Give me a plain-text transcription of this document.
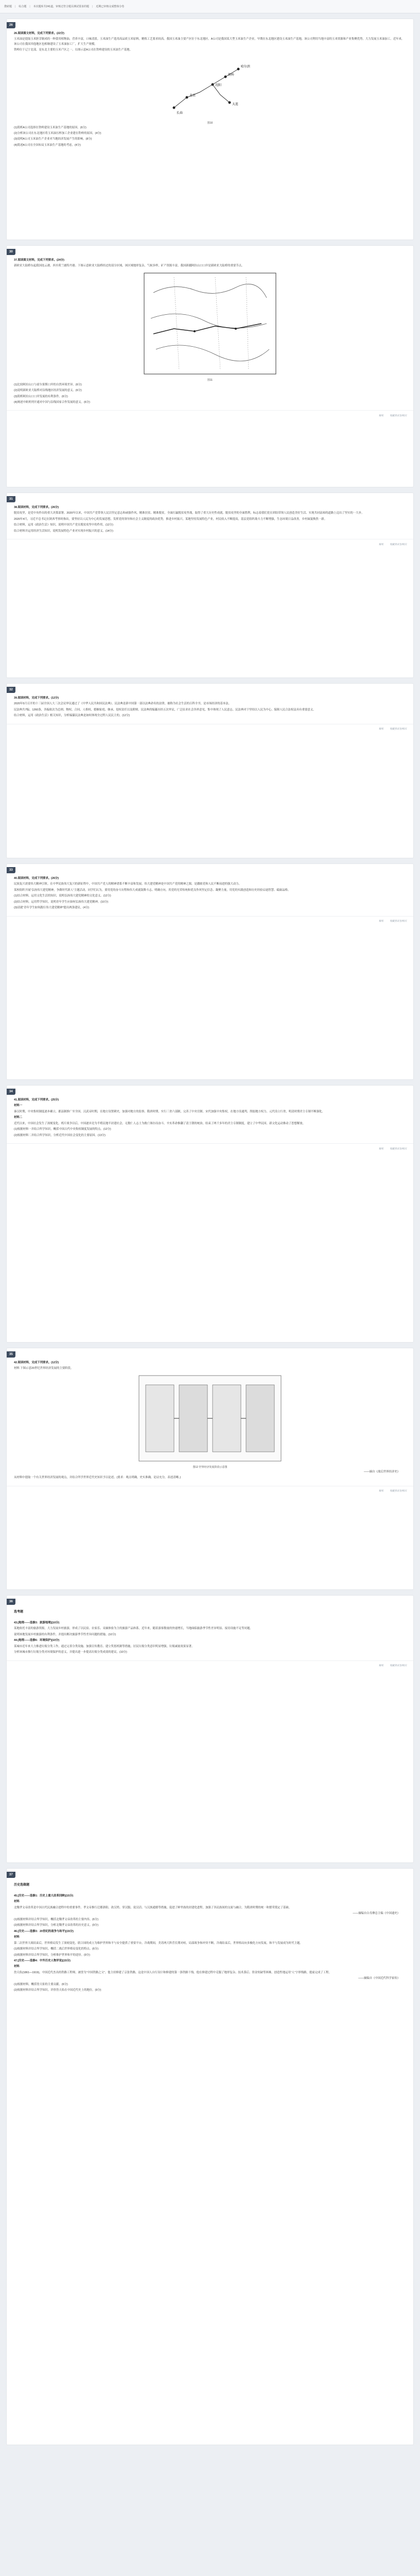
搜索题 | 综合题 | 本次题库共241道，审核过符合题目测试要求的题 | 近期已审核完成整体分卷
26

26.阅读图文材料，完成下列要求。(22分)

玉米油是提取玉米胚芽制成的一种食用植物油，营养丰富，口味清淡。玉米油生产选用高品质玉米原料，精炼工艺要求较高。我国玉米油主要产区位于东北地区。A公司是我国某大型玉米油生产企业，早期在东北地区建设玉米油生产基地，该公司利用当地丰富的玉米资源和产业集聚优势，大力发展玉米油加工。近年来，该公司在我国其他地区也相继建设了玉米油加工厂，扩大生产规模。

铁岭位于辽宁北部，是东北主要的玉米产区之一。右图示意A公司在铁岭建设的玉米油生产基地。

北京
沈阳
铁岭
哈尔滨
大连
长春
图10

(1)简析A公司选择在铁岭建设玉米油生产基地的原因。(6分)

(2)分析该公司在东北地区将玉米油压榨加工企业建在铁岭的原因。(4分)

(3)说明A公司玉米油生产企业对当地经济发展产生的影响。(8分)

(4)简述A公司在全国布局玉米油生产基地的考虑。(4分)

30

37.阅读图文材料，完成下列要求。(24分)

新欧亚大陆桥东起我国连云港，西至荷兰鹿特丹港。下图示意欧亚大陆桥经过的部分区域。该区域地形复杂，气候多样，矿产资源丰富。我国新疆阿拉山口口岸是新欧亚大陆桥的重要节点。

图11

(1)比较阿拉山口与霍尔果斯口岸的自然环境差异。(6分)

(2)说明新欧亚大陆桥对沿线地区经济发展的意义。(6分)

(3)简析阿拉山口口岸发展的有利条件。(6分)

(4)阐述中欧班列开通对中国与沿线国家合作发展的意义。(6分)

解析	收藏到试卷/相应
31

38.阅读材料，完成下列要求。(26分)

脱贫攻坚，是党中央作出的重大决策部署。2020年以来，中国共产党带领人民以坚定意志和顽强作风，精准扶贫、精准脱贫，全面打赢脱贫攻坚战，取得了重大历史性成就。脱贫攻坚的全面胜利，标志着我们党在团结带领人民创造美好生活、实现共同富裕的道路上迈出了坚实的一大步。

2020年4月，习近平总书记在陕西考察时指出，要坚持以人民为中心的发展思想，发挥党的领导和社会主义制度的政治优势，推进乡村振兴。某地坚持发展特色产业，村民收入不断提高，基层党组织战斗力不断增强，生态环境日益改善，乡村面貌焕然一新。

结合材料，运用《政治生活》知识，说明中国共产党在脱贫攻坚中的作用。(12分)

结合材料并运用经济生活知识，说明发展特色产业对实现乡村振兴的意义。(14分)

解析	收藏到试卷/相应
32

39.阅读材料，完成下列要求。(12分)

2020年5月召开的十三届全国人大三次会议审议通过了《中华人民共和国民法典》。民法典是新中国第一部以法典命名的法律，被称为社会生活的百科全书，是市场经济的基本法。

民法典共7编、1260条，各编依次为总则、物权、合同、人格权、婚姻家庭、继承、侵权责任以及附则。民法典的编纂历经五次审议，广泛征求社会各界意见，集中体现了人民意志。民法典对于坚持以人民为中心、保障人民合法权益具有重要意义。

结合材料，运用《政治生活》相关知识，分析编纂民法典是如何体现全过程人民民主的。(12分)

解析	收藏到试卷/相应
33

40.阅读材料，完成下列要求。(26分)

民族复兴需要伟大精神引领。在中华民族伟大复兴的新征程中，中国共产党人的精神谱系不断丰富和发展。伟大建党精神是中国共产党的精神之源，是激励党和人民不断前进的强大动力。

某校组织开展“弘扬伟大建党精神，争做时代新人”主题活动。同学们认为，要用党的奋斗历程和伟大成就鼓舞斗志、明确方向，用党的光荣传统和优良作风坚定信念、凝聚力量，用党的实践创造和历史经验启迪智慧、砥砺品格。

(1)结合材料，运用文化生活的知识，说明弘扬伟大建党精神的文化意义。(12分)

(2)结合材料，运用哲学知识，说明青年学生应如何弘扬伟大建党精神。(10分)

(3)请就“青年学生如何践行伟大建党精神”提出两条建议。(4分)

解析	收藏到试卷/相应
34

41.阅读材料，完成下列要求。(25分)

材料一

秦汉时期，中央集权制度逐步确立，郡县制推广至全国。汉武帝时期，在地方设置刺史，加强对地方的监察。隋唐时期，实行三省六部制，完善了中央官制。宋代加强中央集权，在地方设通判，削弱地方权力。元代设立行省，明清时期君主专制不断强化。

材料二

近代以来，中国社会发生了深刻变化。鸦片战争以后，中国逐步沦为半殖民地半封建社会。无数仁人志士为救亡图存而奋斗。辛亥革命推翻了清王朝的统治，结束了两千多年的君主专制制度，建立了中华民国。新文化运动推动了思想解放。

(1)根据材料一并结合所学知识，概括中国古代中央集权制度发展的特点。(12分)

(2)根据材料二并结合所学知识，分析近代中国社会变化的主要原因。(13分)

解析	收藏到试卷/相应
35

42.阅读材料，完成下列要求。(12分)

材料 下图示意20世纪世界经济发展的主要阶段。

图12 世界经济发展阶段示意图

——摘自《战后世界经济史》

从材料中提取一个有关世界经济发展的观点，并结合所学世界近代史知识予以论述。(要求：观点明确，史实准确，论证充分，表述清晰。)

解析	收藏到试卷/相应
36
选考题

43.[地理——选修3：旅游地理](10分)

某地依托丰富的旅游资源，大力发展乡村旅游，形成了以民宿、农家乐、采摘体验为主的旅游产品体系。近年来，随着游客数量的快速增长，当地面临旅游季节性差异明显、接待设施不足等问题。

说明该地发展乡村旅游的有利条件，并提出解决旅游季节性差异问题的措施。(10分)

44.[地理——选修6：环境保护](10分)

某城市近年来大力推进垃圾分类工作，通过完善分类设施、加强宣传教育、建立奖惩机制等措施，居民垃圾分类意识明显增强，垃圾减量效果显著。

分析该城市推行垃圾分类对环境保护的意义，并提出进一步提高垃圾分类成效的建议。(10分)

解析	收藏到试卷/相应
37
历史选做题

45.[历史——选修1：历史上重大改革回眸](15分)

材料

北魏孝文帝改革是中国古代民族融合进程中的重要事件。孝文帝推行迁都洛阳、改汉姓、穿汉服、说汉话、与汉族通婚等措施，促进了鲜卑族的封建化进程，加强了各民族间的交流与融合，为隋唐时期的统一和繁荣奠定了基础。

——摘编自白寿彝总主编《中国通史》

(1)根据材料并结合所学知识，概括北魏孝文帝改革的主要内容。(6分)

(2)根据材料并结合所学知识，分析北魏孝文帝改革的历史意义。(9分)

46.[历史——选修3：20世纪的战争与和平](15分)

材料

第二次世界大战结束后，世界格局发生了深刻变化。联合国的成立为维护世界和平与安全提供了重要平台。冷战期间，美苏两大阵营长期对峙，局部战争和冲突不断。冷战结束后，世界格局向多极化方向发展，和平与发展成为时代主题。

(1)根据材料并结合所学知识，概括二战后世界格局变化的特点。(6分)

(2)根据材料并结合所学知识，分析维护世界和平的途径。(9分)

47.[历史——选修4：中外历史人物评说](15分)

材料

詹天佑(1861—1919)，中国近代杰出的铁路工程师，被誉为“中国铁路之父”。他主持修建了京张铁路，这是中国人自行设计和修建的第一条铁路干线。他在修建过程中克服了地形复杂、技术落后、资金短缺等困难，创造性地运用“人”字形线路，提前完成了工程。

——摘编自《中国近代科学家传》

(1)根据材料，概括詹天佑的主要贡献。(6分)

(2)根据材料并结合所学知识，评价詹天佑在中国近代史上的地位。(9分)
